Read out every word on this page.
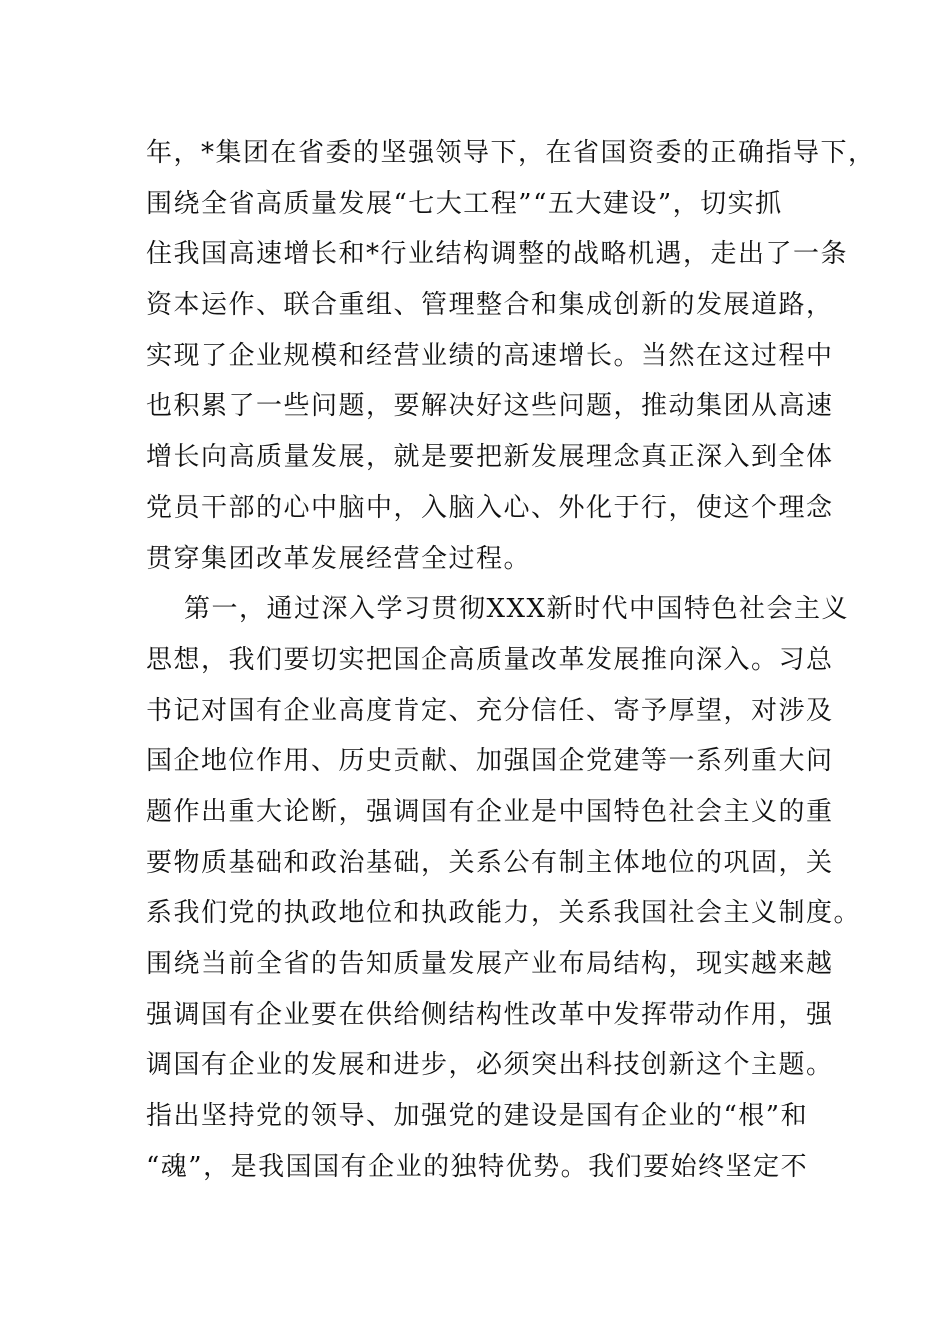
年，*集团在省委的坚强领导下，在省国资委的正确指导下，
围绕全省高质量发展“七大工程”“五大建设”，切实抓
住我国高速增长和*行业结构调整的战略机遇，走出了一条
资本运作、联合重组、管理整合和集成创新的发展道路，
实现了企业规模和经营业绩的高速增长。当然在这过程中
也积累了一些问题，要解决好这些问题，推动集团从高速
增长向高质量发展，就是要把新发展理念真正深入到全体
党员干部的心中脑中，入脑入心、外化于行，使这个理念
贯穿集团改革发展经营全过程。
第一，通过深入学习贯彻XXX新时代中国特色社会主义
思想，我们要切实把国企高质量改革发展推向深入。习总
书记对国有企业高度肯定、充分信任、寄予厚望，对涉及
国企地位作用、历史贡献、加强国企党建等一系列重大问
题作出重大论断，强调国有企业是中国特色社会主义的重
要物质基础和政治基础，关系公有制主体地位的巩固，关
系我们党的执政地位和执政能力，关系我国社会主义制度。
围绕当前全省的告知质量发展产业布局结构，现实越来越
强调国有企业要在供给侧结构性改革中发挥带动作用，强
调国有企业的发展和进步，必须突出科技创新这个主题。
指出坚持党的领导、加强党的建设是国有企业的“根”和
“魂”，是我国国有企业的独特优势。我们要始终坚定不
